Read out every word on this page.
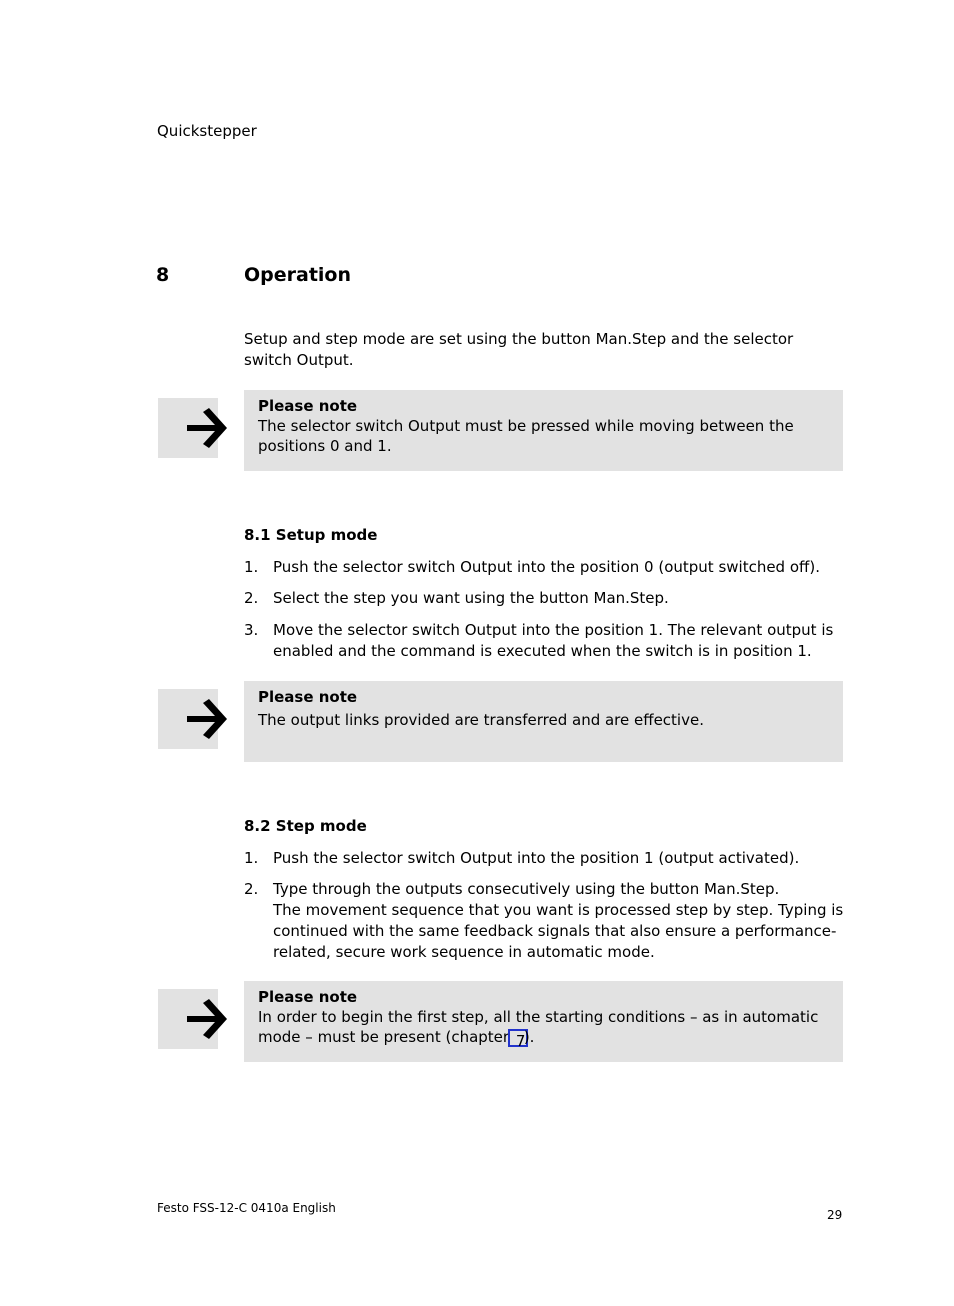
Quickstepper
8	Operation
Setup and step mode are set using the button Man.Step and the selector switch Output.
Please note
The selector switch Output must be pressed while moving between the positions 0 and 1.
8.1 Setup mode
1. Push the selector switch Output into the position 0 (output switched off).
2. Select the step you want using the button Man.Step.
3. Move the selector switch Output into the position 1. The relevant output is enabled and the command is executed when the switch is in position 1.
Please note
The output links provided are transferred and are effective.
8.2 Step mode
1. Push the selector switch Output into the position 1 (output activated).
2. Type through the outputs consecutively using the button Man.Step.
The movement sequence that you want is processed step by step. Typing is continued with the same feedback signals that also ensure a performance-related, secure work sequence in automatic mode.
Please note
In order to begin the first step, all the starting conditions – as in automatic mode – must be present (chapter 7).
Festo FSS-12-C 0410a English	29
